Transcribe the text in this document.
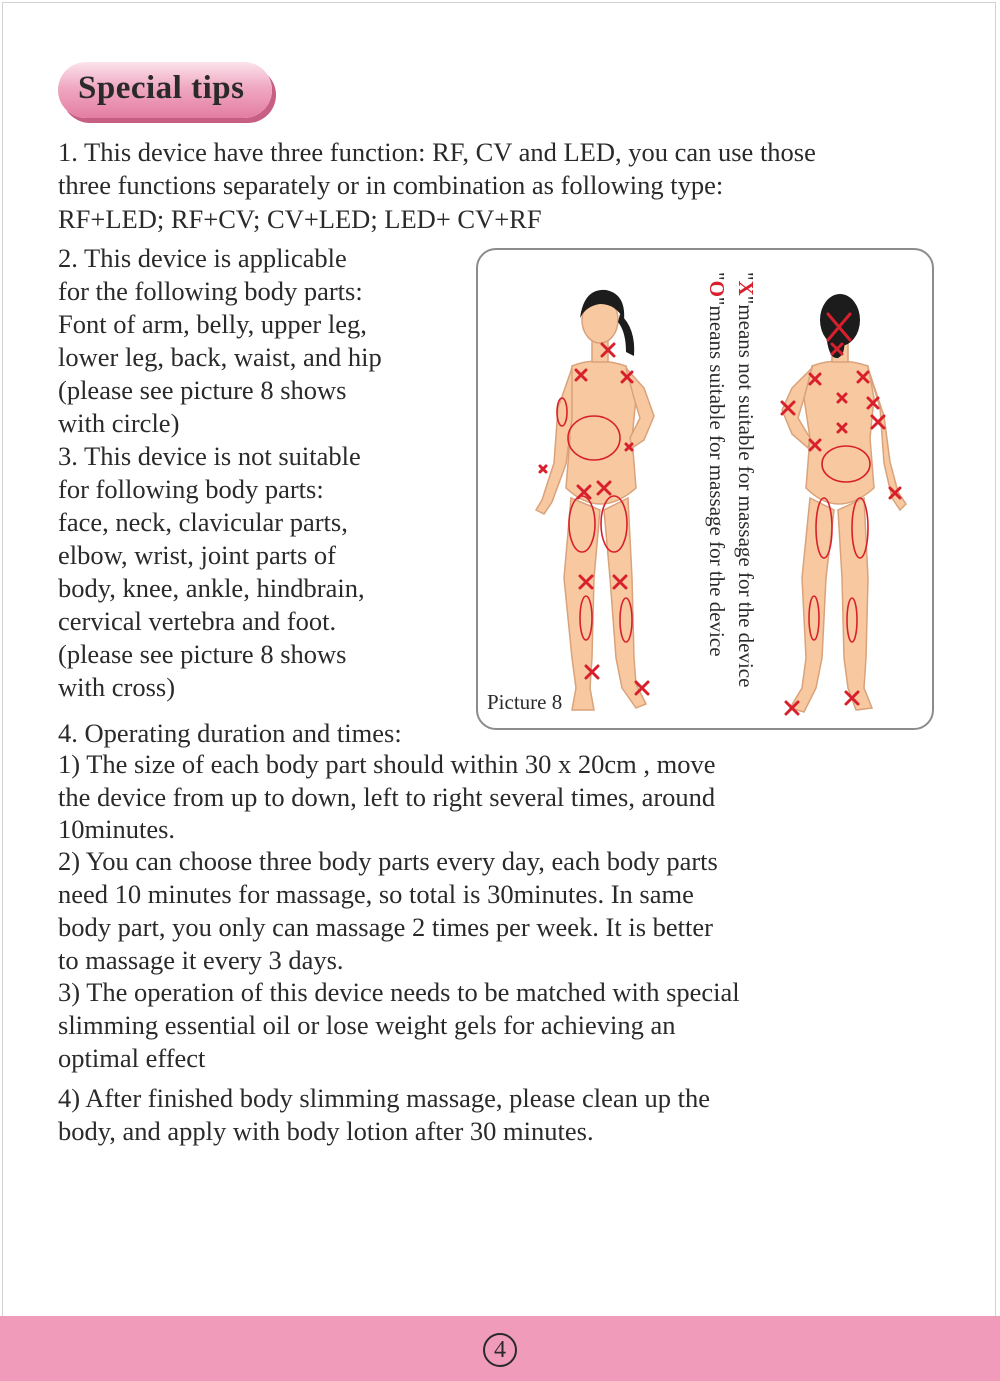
Special tips
1. This device have three function: RF, CV and LED, you can use those
three functions separately or in combination as following type:
RF+LED; RF+CV; CV+LED; LED+ CV+RF
2. This device is applicable
for the following body parts:
Font of arm, belly, upper leg,
lower leg, back, waist, and hip
(please see picture 8 shows
with circle)
3. This device is not suitable
for following body parts:
face, neck, clavicular parts,
elbow, wrist, joint parts of
body, knee, ankle, hindbrain,
cervical vertebra and foot.
(please see picture 8 shows
with cross)
4. Operating duration and times:
1) The size of each body part should within 30 x 20cm , move
the device from up to down, left to right several times, around
10minutes.
2) You can choose three body parts every day, each body parts
need 10 minutes for massage, so total is 30minutes. In same
body part, you only can massage 2 times per week. It is better
to massage it every 3 days.
3) The operation of this device needs to be matched with special
slimming essential oil or lose weight gels for achieving an
optimal effect
4) After finished body slimming massage, please clean up the
body, and apply with body lotion after 30 minutes.
"X"means not suitable for massage for the device
"O"means suitable for massage for the device
Picture 8
4
